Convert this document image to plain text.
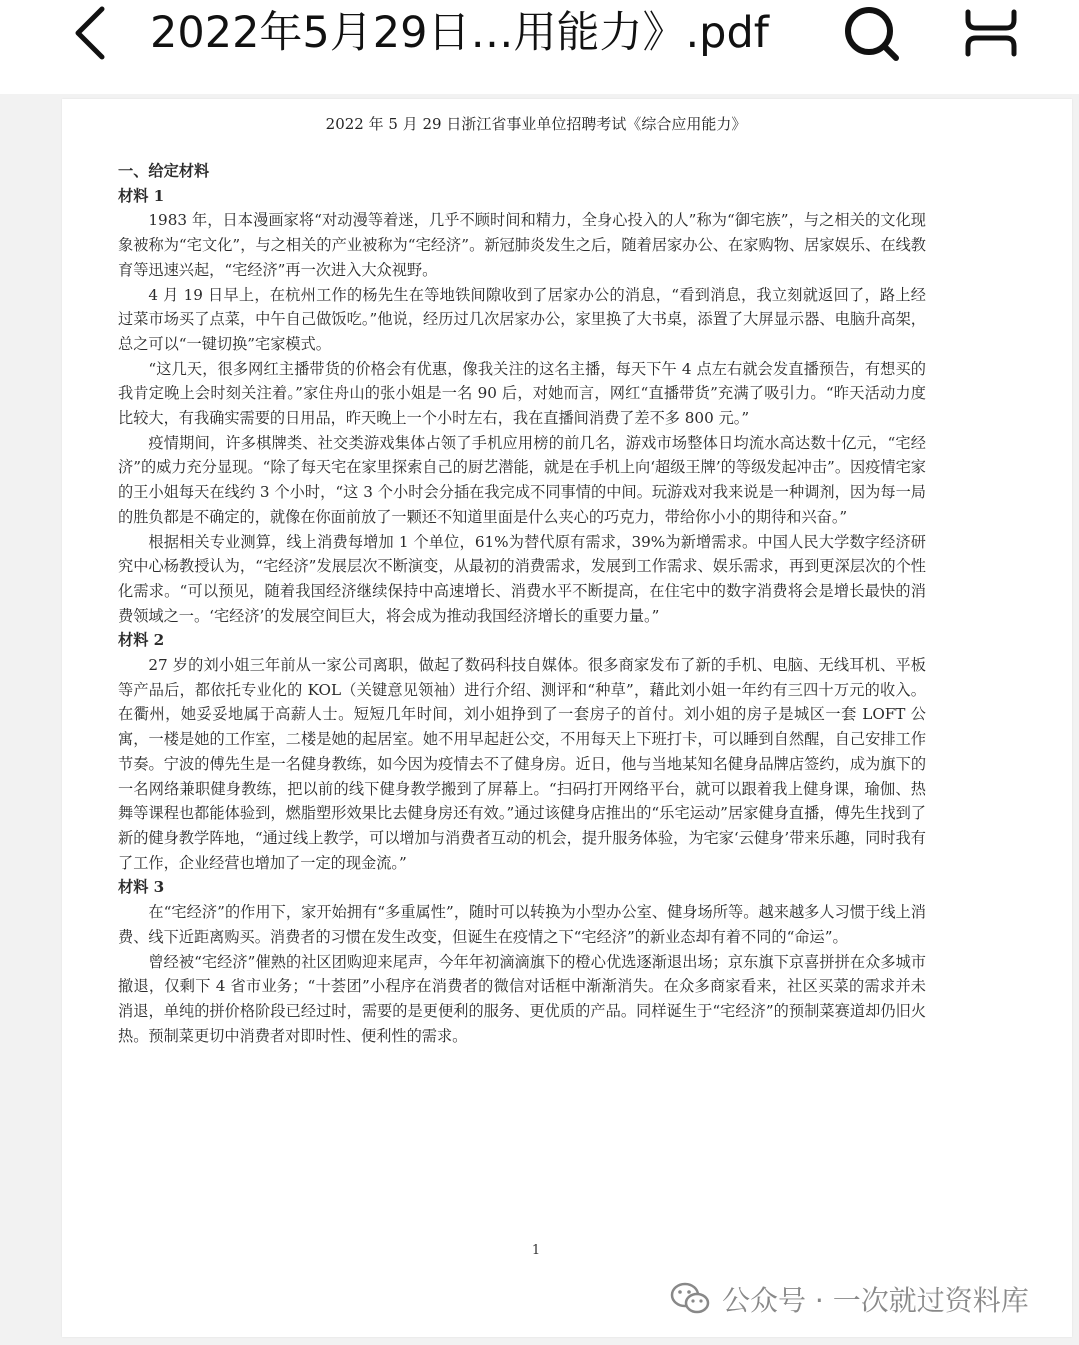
2022年5月29日…用能力》.pdf
2022 年 5 月 29 日浙江省事业单位招聘考试《综合应用能力》
一、给定材料
材料 1

1983 年，日本漫画家将“对动漫等着迷，几乎不顾时间和精力，全身心投入的人”称为“御宅族”，与之相关的文化现象被称为“宅文化”，与之相关的产业被称为“宅经济”。新冠肺炎发生之后，随着居家办公、在家购物、居家娱乐、在线教育等迅速兴起，“宅经济”再一次进入大众视野。

4 月 19 日早上，在杭州工作的杨先生在等地铁间隙收到了居家办公的消息，“看到消息，我立刻就返回了，路上经过菜市场买了点菜，中午自己做饭吃。”他说，经历过几次居家办公，家里换了大书桌，添置了大屏显示器、电脑升高架，总之可以“一键切换”宅家模式。

“这几天，很多网红主播带货的价格会有优惠，像我关注的这名主播，每天下午 4 点左右就会发直播预告，有想买的我肯定晚上会时刻关注着。”家住舟山的张小姐是一名 90 后，对她而言，网红“直播带货”充满了吸引力。“昨天活动力度比较大，有我确实需要的日用品，昨天晚上一个小时左右，我在直播间消费了差不多 800 元。”

疫情期间，许多棋牌类、社交类游戏集体占领了手机应用榜的前几名，游戏市场整体日均流水高达数十亿元，“宅经济”的威力充分显现。“除了每天宅在家里探索自己的厨艺潜能，就是在手机上向‘超级王牌’的等级发起冲击”。因疫情宅家的王小姐每天在线约 3 个小时，“这 3 个小时会分插在我完成不同事情的中间。玩游戏对我来说是一种调剂，因为每一局的胜负都是不确定的，就像在你面前放了一颗还不知道里面是什么夹心的巧克力，带给你小小的期待和兴奋。”

根据相关专业测算，线上消费每增加 1 个单位，61%为替代原有需求，39%为新增需求。中国人民大学数字经济研究中心杨教授认为，“宅经济”发展层次不断演变，从最初的消费需求，发展到工作需求、娱乐需求，再到更深层次的个性化需求。“可以预见，随着我国经济继续保持中高速增长、消费水平不断提高，在住宅中的数字消费将会是增长最快的消费领域之一。‘宅经济’的发展空间巨大，将会成为推动我国经济增长的重要力量。”

材料 2

27 岁的刘小姐三年前从一家公司离职，做起了数码科技自媒体。很多商家发布了新的手机、电脑、无线耳机、平板等产品后，都依托专业化的 KOL（关键意见领袖）进行介绍、测评和“种草”，藉此刘小姐一年约有三四十万元的收入。在衢州，她妥妥地属于高薪人士。短短几年时间，刘小姐挣到了一套房子的首付。刘小姐的房子是城区一套 LOFT 公寓，一楼是她的工作室，二楼是她的起居室。她不用早起赶公交，不用每天上下班打卡，可以睡到自然醒，自己安排工作节奏。宁波的傅先生是一名健身教练，如今因为疫情去不了健身房。近日，他与当地某知名健身品牌店签约，成为旗下的一名网络兼职健身教练，把以前的线下健身教学搬到了屏幕上。“扫码打开网络平台，就可以跟着我上健身课，瑜伽、热舞等课程也都能体验到，燃脂塑形效果比去健身房还有效。”通过该健身店推出的“乐宅运动”居家健身直播，傅先生找到了新的健身教学阵地，“通过线上教学，可以增加与消费者互动的机会，提升服务体验，为宅家‘云健身’带来乐趣，同时我有了工作，企业经营也增加了一定的现金流。”

材料 3

在“宅经济”的作用下，家开始拥有“多重属性”，随时可以转换为小型办公室、健身场所等。越来越多人习惯于线上消费、线下近距离购买。消费者的习惯在发生改变，但诞生在疫情之下“宅经济”的新业态却有着不同的“命运”。

曾经被“宅经济”催熟的社区团购迎来尾声，今年年初滴滴旗下的橙心优选逐渐退出场；京东旗下京喜拼拼在众多城市撤退，仅剩下 4 省市业务；“十荟团”小程序在消费者的微信对话框中渐渐消失。在众多商家看来，社区买菜的需求并未消退，单纯的拼价格阶段已经过时，需要的是更便利的服务、更优质的产品。同样诞生于“宅经济”的预制菜赛道却仍旧火热。预制菜更切中消费者对即时性、便利性的需求。

1
公众号 · 一次就过资料库
